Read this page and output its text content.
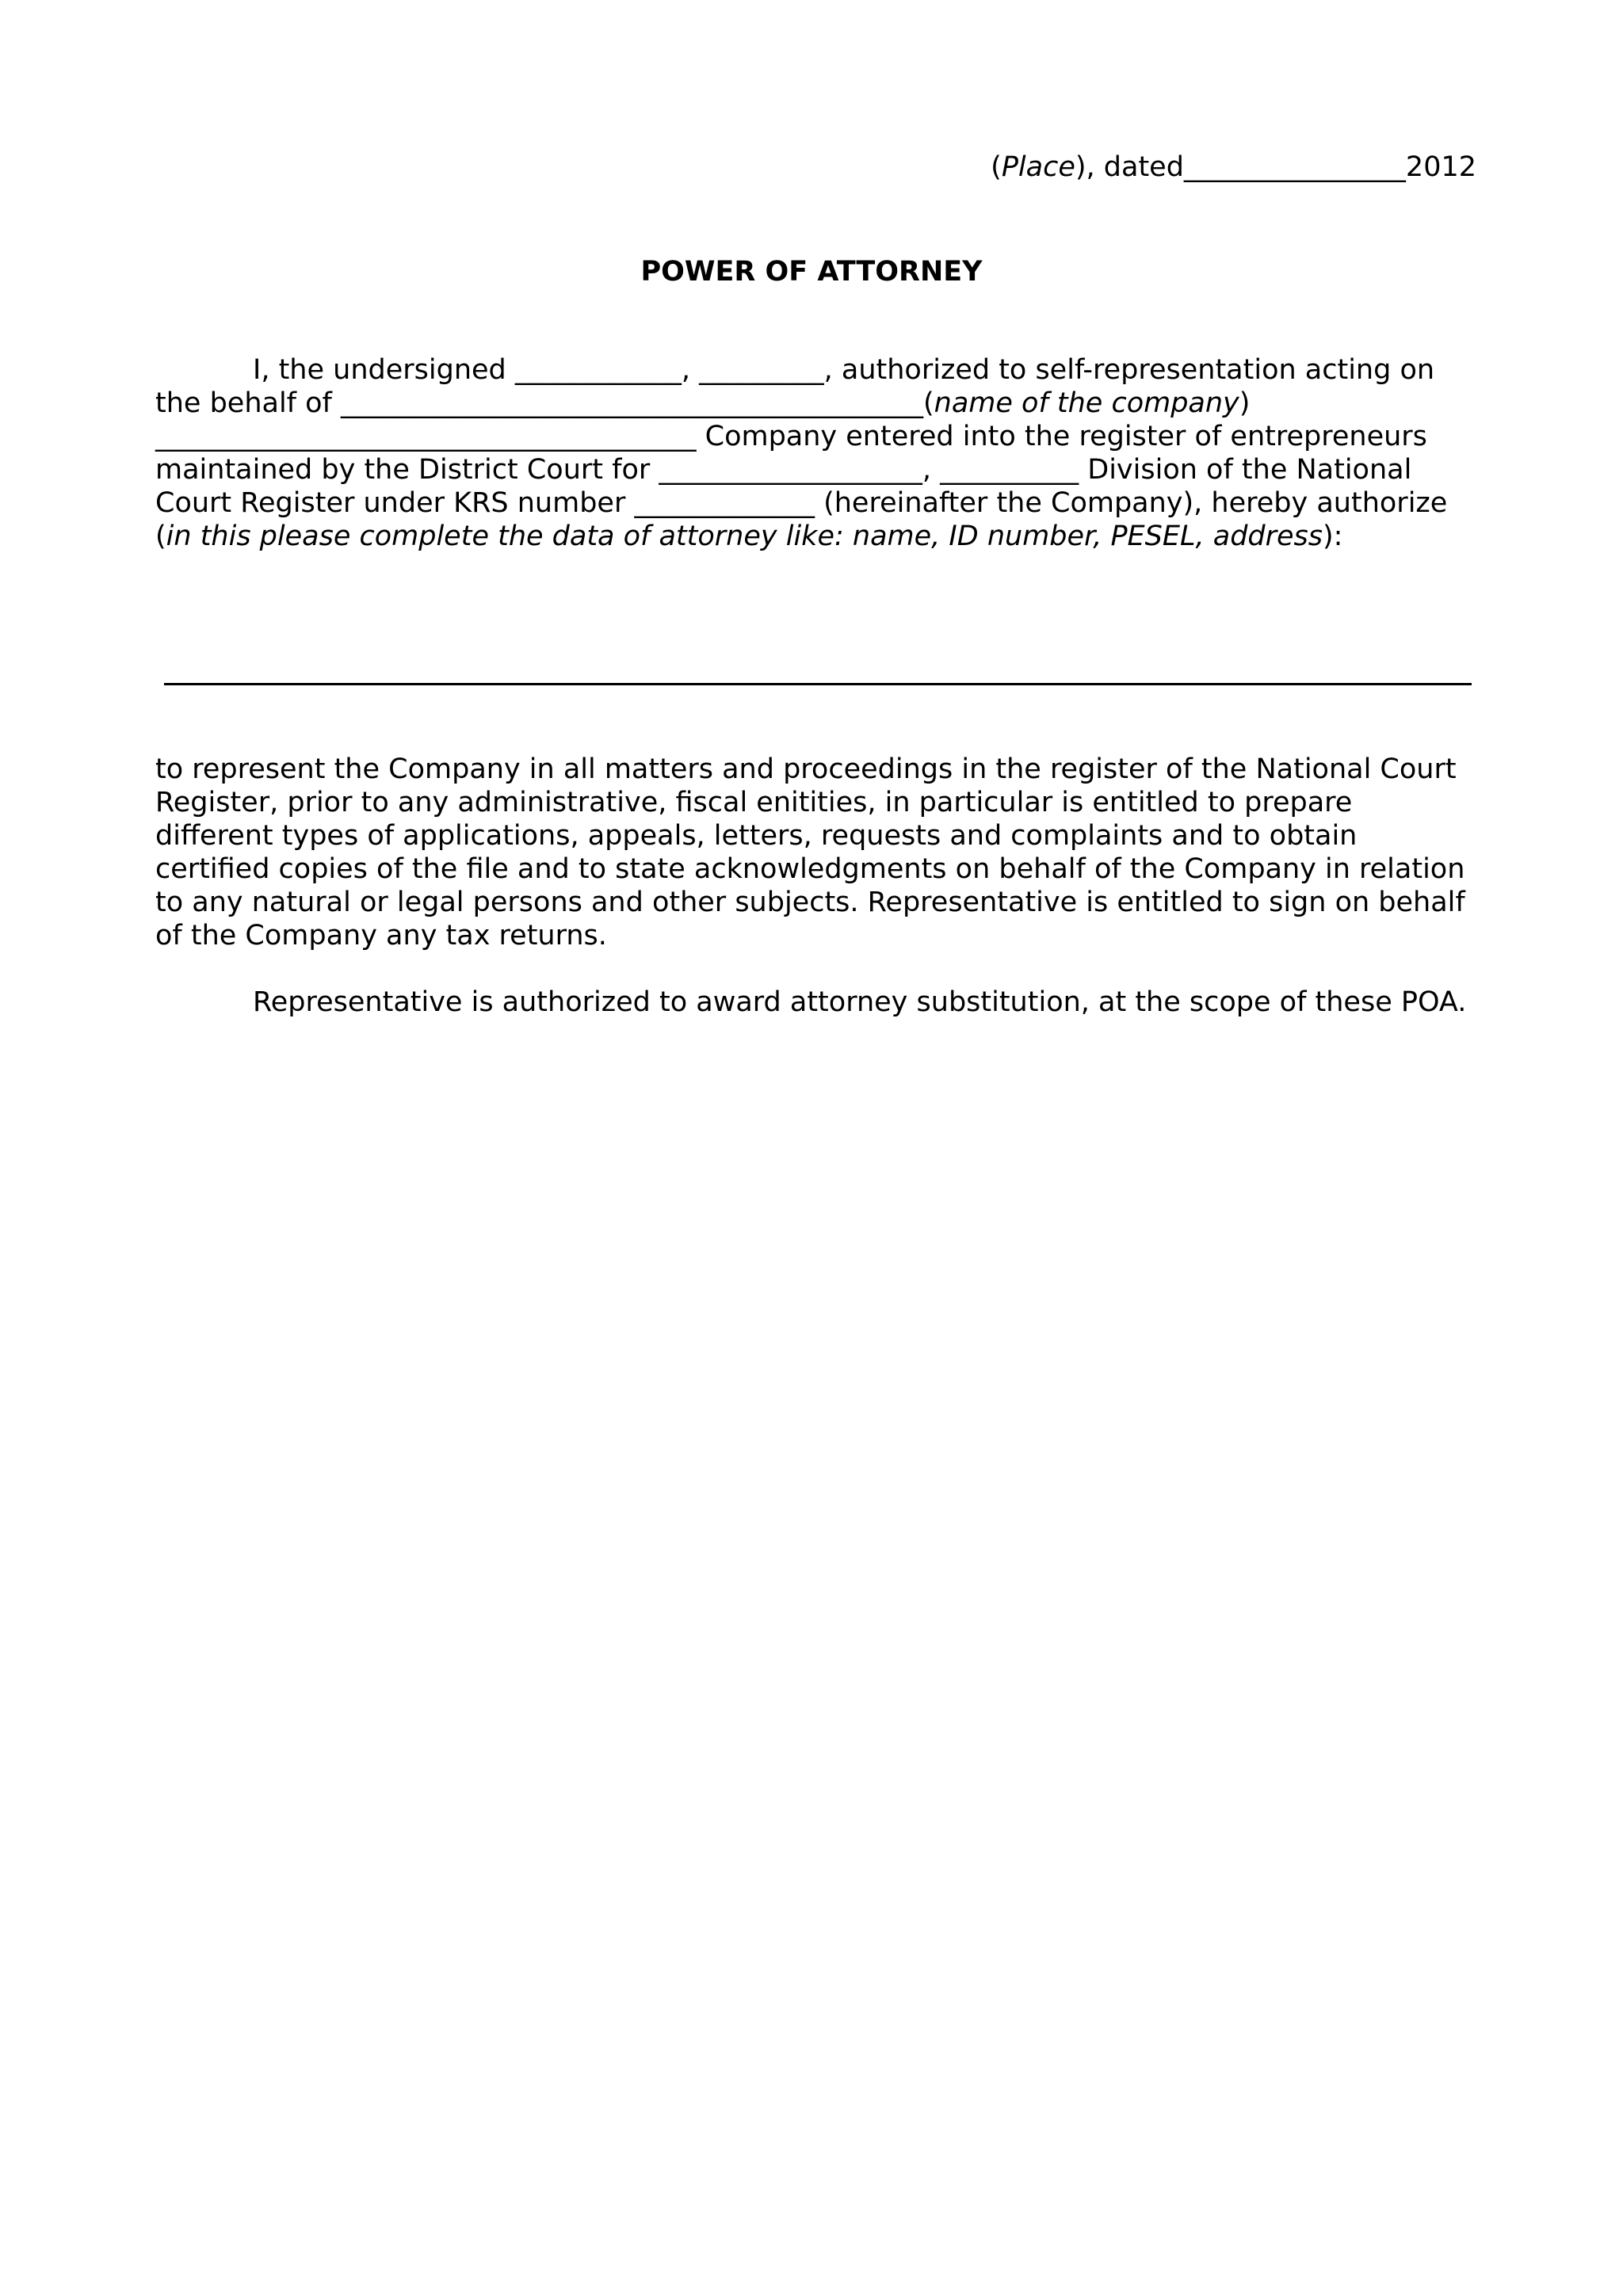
(Place), dated________________2012
POWER OF ATTORNEY
I, the undersigned ____________, _________, authorized to self-representation acting on the behalf of __________________________________________(name of the company) _______________________________________ Company entered into the register of entrepreneurs maintained by the District Court for ___________________, __________ Division of the National Court Register under KRS number _____________ (hereinafter the Company), hereby authorize (in this please complete the data of attorney like: name, ID number, PESEL, address):
to represent the Company in all matters and proceedings in the register of the National Court Register, prior to any administrative, fiscal enitities, in particular is entitled to prepare different types of applications, appeals, letters, requests and complaints and to obtain certified copies of the file and to state acknowledgments on behalf of the Company in relation to any natural or legal persons and other subjects. Representative is entitled to sign on behalf of the Company any tax returns.
Representative is authorized to award attorney substitution, at the scope of these POA.
